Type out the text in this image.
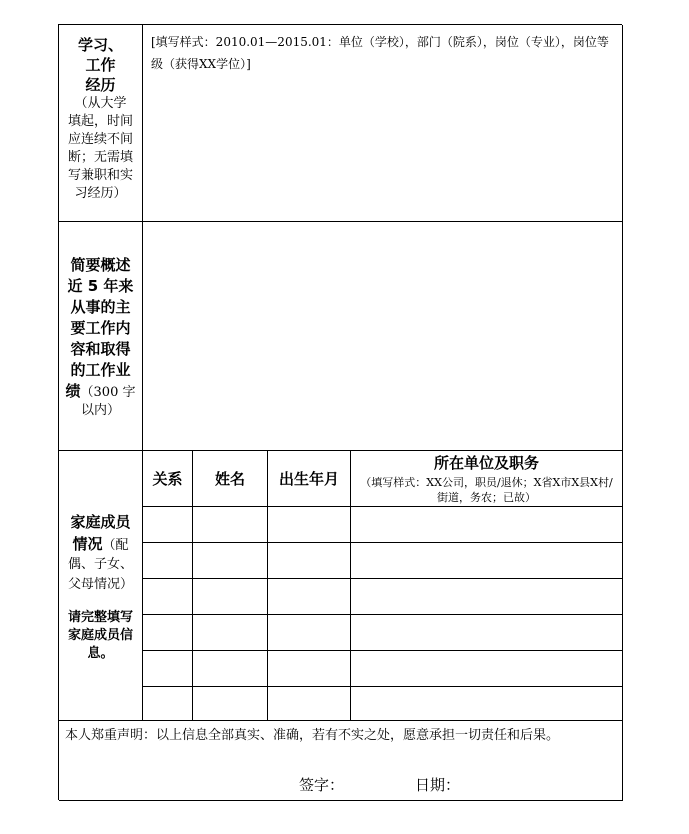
学习、
工作
经历
（从大学
填起，时间
应连续不间
断；无需填
写兼职和实
习经历）
[填写样式：2010.01—2015.01：单位（学校），部门（院系），岗位（专业），岗位等级（获得XX学位）]
简要概述
近 5 年来
从事的主
要工作内
容和取得
的工作业
绩（300 字
以内）
家庭成员
情况（配
偶、子女、
父母情况）
请完整填写
家庭成员信
息。
关系 姓名 出生年月
所在单位及职务
（填写样式：XX公司，职员/退休；X省X市X县X村/街道，务农；已故）
本人郑重声明：以上信息全部真实、准确，若有不实之处，愿意承担一切责任和后果。
签字：	日期：
